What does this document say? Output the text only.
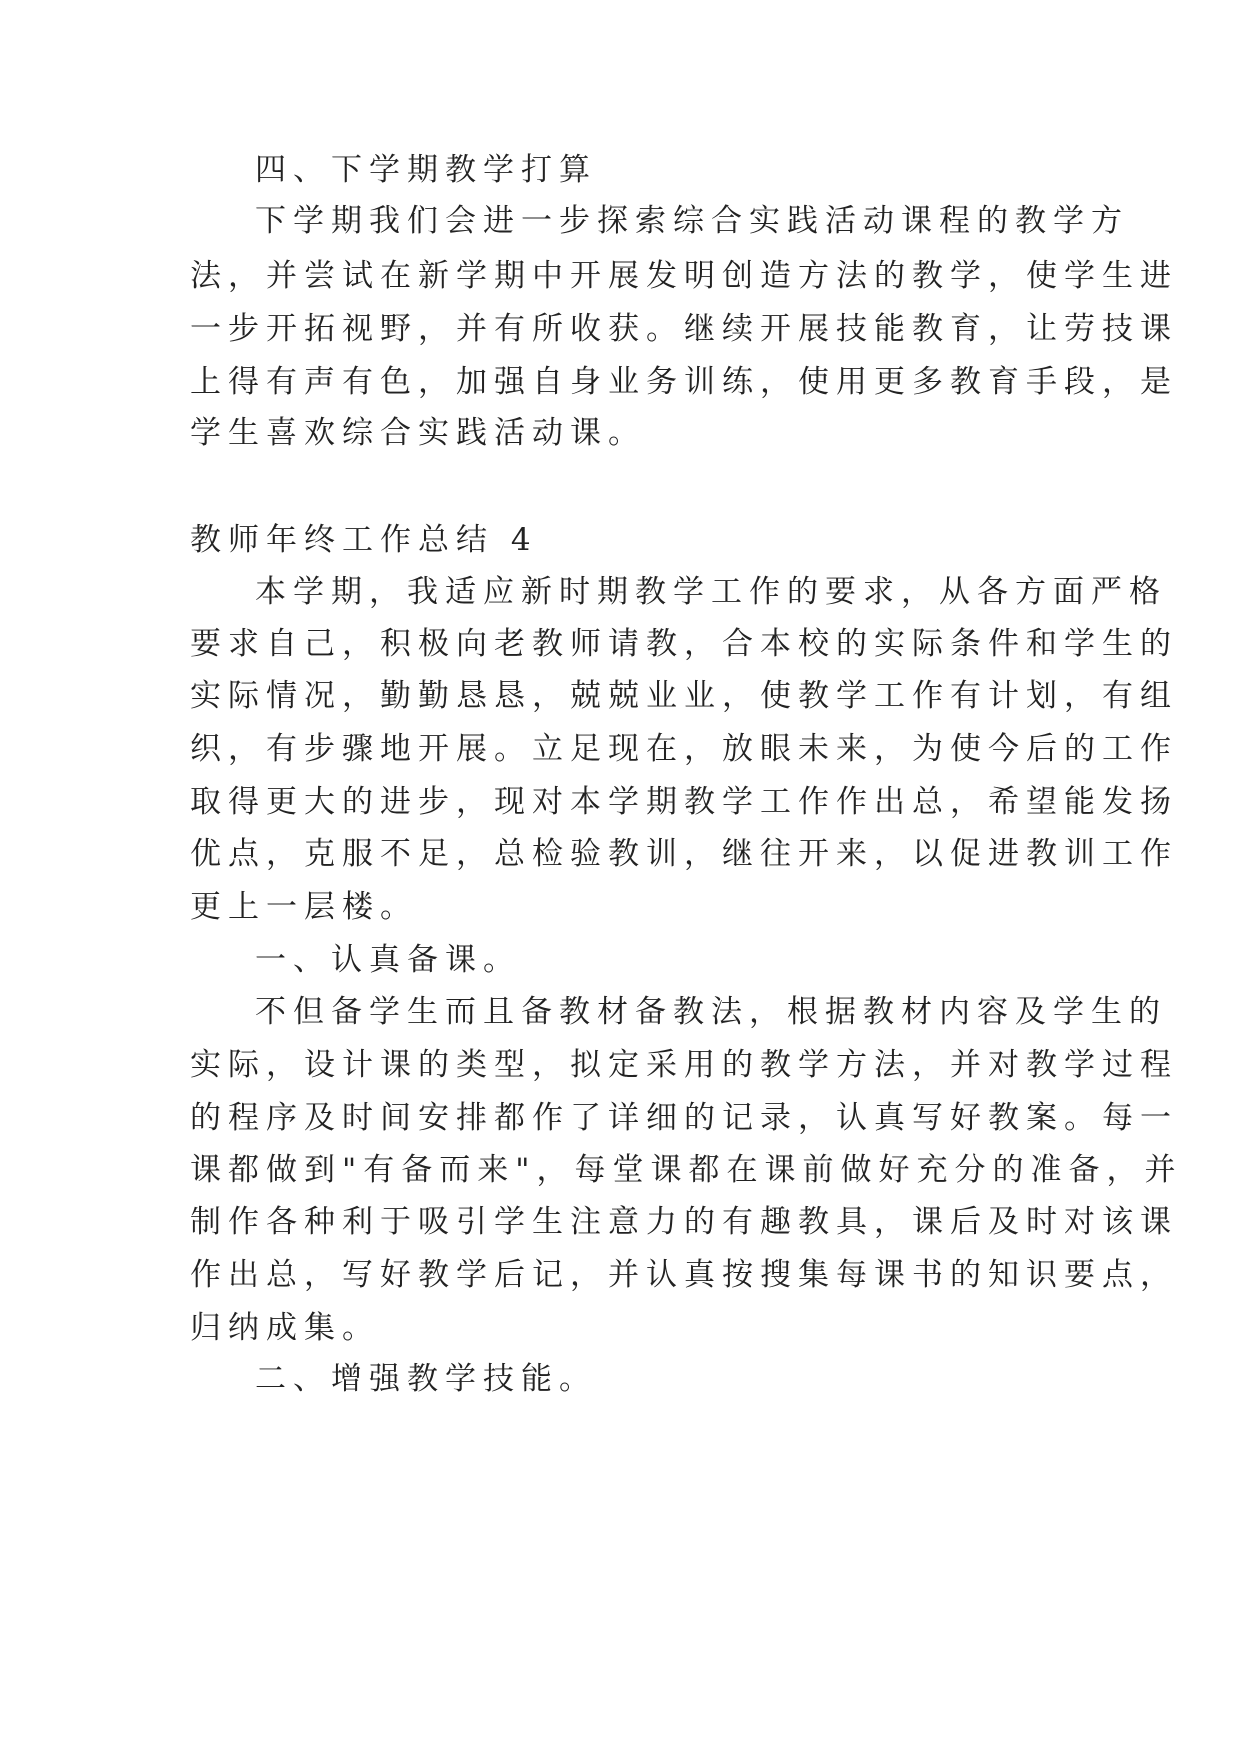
四、下学期教学打算

下学期我们会进一步探索综合实践活动课程的教学方

法，并尝试在新学期中开展发明创造方法的教学，使学生进

一步开拓视野，并有所收获。继续开展技能教育，让劳技课

上得有声有色，加强自身业务训练，使用更多教育手段，是

学生喜欢综合实践活动课。

教师年终工作总结 4

本学期，我适应新时期教学工作的要求，从各方面严格

要求自己，积极向老教师请教，合本校的实际条件和学生的

实际情况，勤勤恳恳，兢兢业业，使教学工作有计划，有组

织，有步骤地开展。立足现在，放眼未来，为使今后的工作

取得更大的进步，现对本学期教学工作作出总，希望能发扬

优点，克服不足，总检验教训，继往开来，以促进教训工作

更上一层楼。

一、认真备课。

不但备学生而且备教材备教法，根据教材内容及学生的

实际，设计课的类型，拟定采用的教学方法，并对教学过程

的程序及时间安排都作了详细的记录，认真写好教案。每一

课都做到"有备而来"，每堂课都在课前做好充分的准备，并

制作各种利于吸引学生注意力的有趣教具，课后及时对该课

作出总，写好教学后记，并认真按搜集每课书的知识要点，

归纳成集。

二、增强教学技能。
